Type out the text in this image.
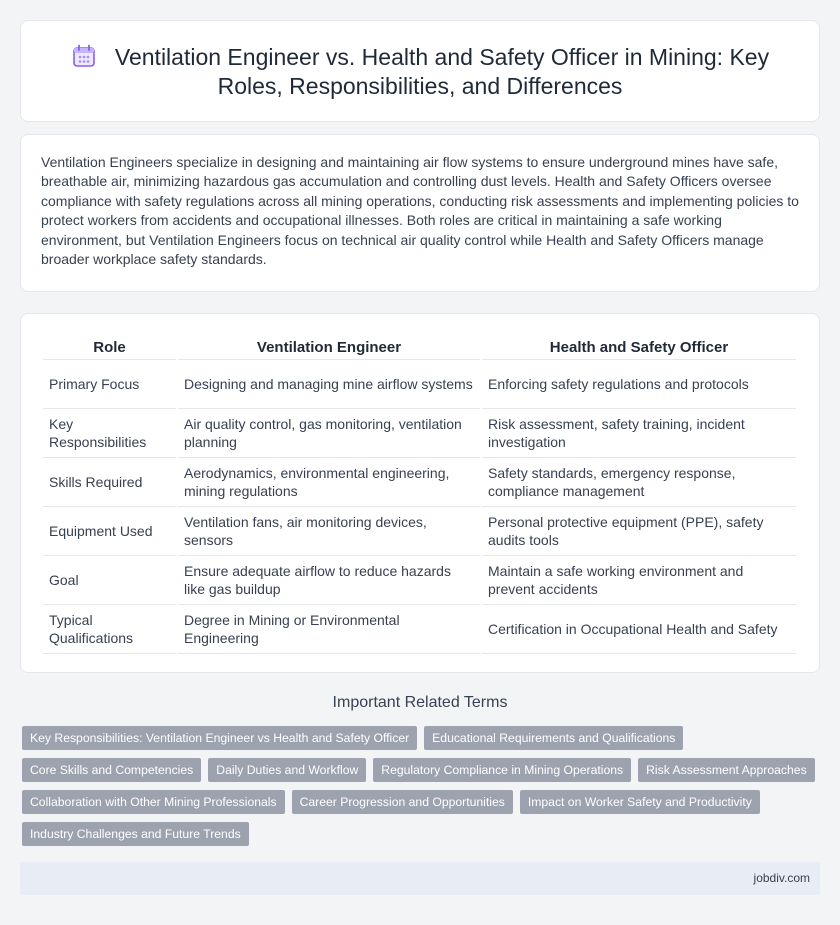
Ventilation Engineer vs. Health and Safety Officer in Mining: Key Roles, Responsibilities, and Differences

Ventilation Engineers specialize in designing and maintaining air flow systems to ensure underground mines have safe, breathable air, minimizing hazardous gas accumulation and controlling dust levels. Health and Safety Officers oversee compliance with safety regulations across all mining operations, conducting risk assessments and implementing policies to protect workers from accidents and occupational illnesses. Both roles are critical in maintaining a safe working environment, but Ventilation Engineers focus on technical air quality control while Health and Safety Officers manage broader workplace safety standards.

Role	Ventilation Engineer	Health and Safety Officer
Primary Focus	Designing and managing mine airflow systems	Enforcing safety regulations and protocols
Key Responsibilities	Air quality control, gas monitoring, ventilation planning	Risk assessment, safety training, incident investigation
Skills Required	Aerodynamics, environmental engineering, mining regulations	Safety standards, emergency response, compliance management
Equipment Used	Ventilation fans, air monitoring devices, sensors	Personal protective equipment (PPE), safety audits tools
Goal	Ensure adequate airflow to reduce hazards like gas buildup	Maintain a safe working environment and prevent accidents
Typical Qualifications	Degree in Mining or Environmental Engineering	Certification in Occupational Health and Safety
Important Related Terms
Key Responsibilities: Ventilation Engineer vs Health and Safety Officer	Educational Requirements and Qualifications
Core Skills and Competencies	Daily Duties and Workflow	Regulatory Compliance in Mining Operations	Risk Assessment Approaches
Collaboration with Other Mining Professionals	Career Progression and Opportunities	Impact on Worker Safety and Productivity
Industry Challenges and Future Trends
jobdiv.com
